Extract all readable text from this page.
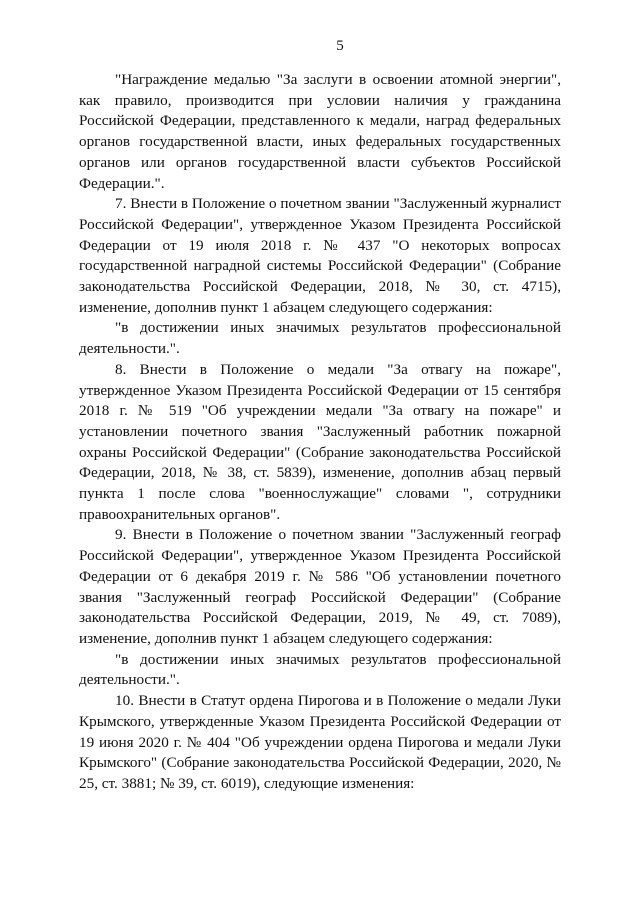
5

"Награждение медалью "За заслуги в освоении атомной энергии", как правило, производится при условии наличия у гражданина Российской Федерации, представленного к медали, наград федеральных органов государственной власти, иных федеральных государственных органов или органов государственной власти субъектов Российской Федерации.".

7. Внести в Положение о почетном звании "Заслуженный журналист Российской Федерации", утвержденное Указом Президента Российской Федерации от 19 июля 2018 г. № 437 "О некоторых вопросах государственной наградной системы Российской Федерации" (Собрание законодательства Российской Федерации, 2018, № 30, ст. 4715), изменение, дополнив пункт 1 абзацем следующего содержания:

"в достижении иных значимых результатов профессиональной деятельности.".

8. Внести в Положение о медали "За отвагу на пожаре", утвержденное Указом Президента Российской Федерации от 15 сентября 2018 г. № 519 "Об учреждении медали "За отвагу на пожаре" и установлении почетного звания "Заслуженный работник пожарной охраны Российской Федерации" (Собрание законодательства Российской Федерации, 2018, № 38, ст. 5839), изменение, дополнив абзац первый пункта 1 после слова "военнослужащие" словами ", сотрудники правоохранительных органов".

9. Внести в Положение о почетном звании "Заслуженный географ Российской Федерации", утвержденное Указом Президента Российской Федерации от 6 декабря 2019 г. № 586 "Об установлении почетного звания "Заслуженный географ Российской Федерации" (Собрание законодательства Российской Федерации, 2019, № 49, ст. 7089), изменение, дополнив пункт 1 абзацем следующего содержания:

"в достижении иных значимых результатов профессиональной деятельности.".

10. Внести в Статут ордена Пирогова и в Положение о медали Луки Крымского, утвержденные Указом Президента Российской Федерации от 19 июня 2020 г. № 404 "Об учреждении ордена Пирогова и медали Луки Крымского" (Собрание законодательства Российской Федерации, 2020, № 25, ст. 3881; № 39, ст. 6019), следующие изменения:
